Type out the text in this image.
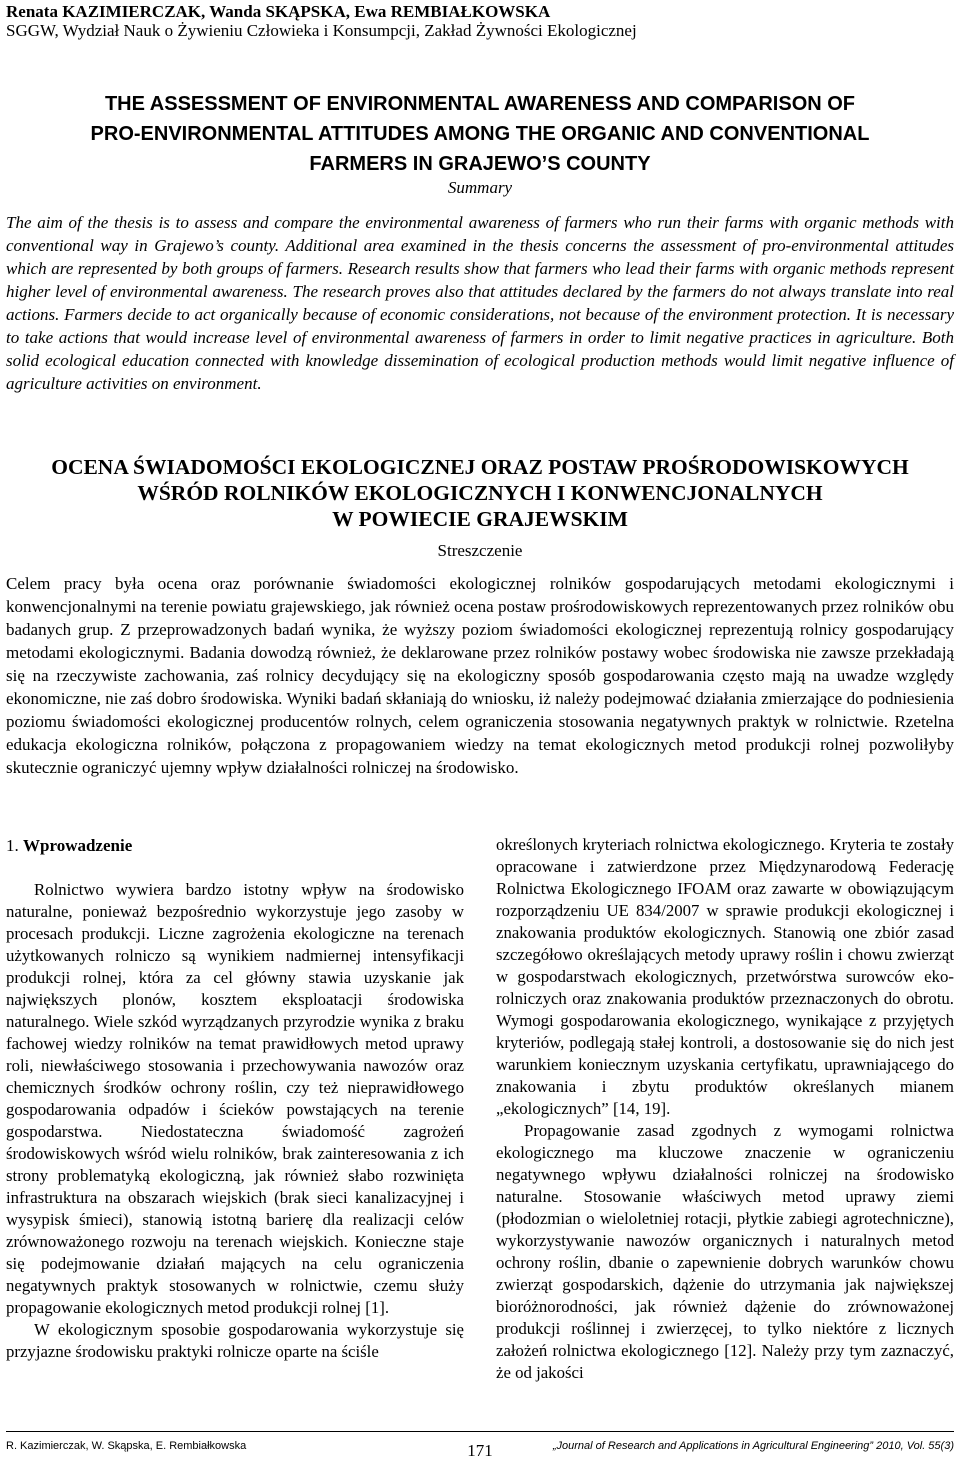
Renata KAZIMIERCZAK, Wanda SKĄPSKA, Ewa REMBIAŁKOWSKA
SGGW, Wydział Nauk o Żywieniu Człowieka i Konsumpcji, Zakład Żywności Ekologicznej
THE ASSESSMENT OF ENVIRONMENTAL AWARENESS AND COMPARISON OF
PRO-ENVIRONMENTAL ATTITUDES AMONG THE ORGANIC AND CONVENTIONAL
FARMERS IN GRAJEWO’S COUNTY
Summary
The aim of the thesis is to assess and compare the environmental awareness of farmers who run their farms with organic methods with conventional way in Grajewo’s county. Additional area examined in the thesis concerns the assessment of pro-environmental attitudes which are represented by both groups of farmers. Research results show that farmers who lead their farms with organic methods represent higher level of environmental awareness. The research proves also that attitudes declared by the farmers do not always translate into real actions. Farmers decide to act organically because of economic considerations, not because of the environment protection. It is necessary to take actions that would increase level of environmental awareness of farmers in order to limit negative practices in agriculture. Both solid ecological education connected with knowledge dissemination of ecological production methods would limit negative influence of agriculture activities on environment.
OCENA ŚWIADOMOŚCI EKOLOGICZNEJ ORAZ POSTAW PROŚRODOWISKOWYCH
WŚRÓD ROLNIKÓW EKOLOGICZNYCH I KONWENCJONALNYCH
W POWIECIE GRAJEWSKIM
Streszczenie
Celem pracy była ocena oraz porównanie świadomości ekologicznej rolników gospodarujących metodami ekologicznymi i konwencjonalnymi na terenie powiatu grajewskiego, jak również ocena postaw prośrodowiskowych reprezentowanych przez rolników obu badanych grup. Z przeprowadzonych badań wynika, że wyższy poziom świadomości ekologicznej reprezentują rolnicy gospodarujący metodami ekologicznymi. Badania dowodzą również, że deklarowane przez rolników postawy wobec środowiska nie zawsze przekładają się na rzeczywiste zachowania, zaś rolnicy decydujący się na ekologiczny sposób gospodarowania często mają na uwadze względy ekonomiczne, nie zaś dobro środowiska. Wyniki badań skłaniają do wniosku, iż należy podejmować działania zmierzające do podniesienia poziomu świadomości ekologicznej producentów rolnych, celem ograniczenia stosowania negatywnych praktyk w rolnictwie. Rzetelna edukacja ekologiczna rolników, połączona z propagowaniem wiedzy na temat ekologicznych metod produkcji rolnej pozwoliłyby skutecznie ograniczyć ujemny wpływ działalności rolniczej na środowisko.
1. Wprowadzenie

Rolnictwo wywiera bardzo istotny wpływ na środowisko naturalne, ponieważ bezpośrednio wykorzystuje jego zasoby w procesach produkcji. Liczne zagrożenia ekologiczne na terenach użytkowanych rolniczo są wynikiem nadmiernej intensyfikacji produkcji rolnej, która za cel główny stawia uzyskanie jak największych plonów, kosztem eksploatacji środowiska naturalnego. Wiele szkód wyrządzanych przyrodzie wynika z braku fachowej wiedzy rolników na temat prawidłowych metod uprawy roli, niewłaściwego stosowania i przechowywania nawozów oraz chemicznych środków ochrony roślin, czy też nieprawidłowego gospodarowania odpadów i ścieków powstających na terenie gospodarstwa. Niedostateczna świadomość zagrożeń środowiskowych wśród wielu rolników, brak zainteresowania z ich strony problematyką ekologiczną, jak również słabo rozwinięta infrastruktura na obszarach wiejskich (brak sieci kanalizacyjnej i wysypisk śmieci), stanowią istotną barierę dla realizacji celów zrównoważonego rozwoju na terenach wiejskich. Konieczne staje się podejmowanie działań mających na celu ograniczenia negatywnych praktyk stosowanych w rolnictwie, czemu służy propagowanie ekologicznych metod produkcji rolnej [1].

W ekologicznym sposobie gospodarowania wykorzystuje się przyjazne środowisku praktyki rolnicze oparte na ściśle

określonych kryteriach rolnictwa ekologicznego. Kryteria te zostały opracowane i zatwierdzone przez Międzynarodową Federację Rolnictwa Ekologicznego IFOAM oraz zawarte w obowiązującym rozporządzeniu UE 834/2007 w sprawie produkcji ekologicznej i znakowania produktów ekologicznych. Stanowią one zbiór zasad szczegółowo określających metody uprawy roślin i chowu zwierząt w gospodarstwach ekologicznych, przetwórstwa surowców eko-rolniczych oraz znakowania produktów przeznaczonych do obrotu. Wymogi gospodarowania ekologicznego, wynikające z przyjętych kryteriów, podlegają stałej kontroli, a dostosowanie się do nich jest warunkiem koniecznym uzyskania certyfikatu, uprawniającego do znakowania i zbytu produktów określanych mianem „ekologicznych” [14, 19].

Propagowanie zasad zgodnych z wymogami rolnictwa ekologicznego ma kluczowe znaczenie w ograniczeniu negatywnego wpływu działalności rolniczej na środowisko naturalne. Stosowanie właściwych metod uprawy ziemi (płodozmian o wieloletniej rotacji, płytkie zabiegi agrotechniczne), wykorzystywanie nawozów organicznych i naturalnych metod ochrony roślin, dbanie o zapewnienie dobrych warunków chowu zwierząt gospodarskich, dążenie do utrzymania jak największej bioróżnorodności, jak również dążenie do zrównoważonej produkcji roślinnej i zwierzęcej, to tylko niektóre z licznych założeń rolnictwa ekologicznego [12]. Należy przy tym zaznaczyć, że od jakości

R. Kazimierczak, W. Skąpska, E. Rembiałkowska	171	„Journal of Research and Applications in Agricultural Engineering” 2010, Vol. 55(3)
